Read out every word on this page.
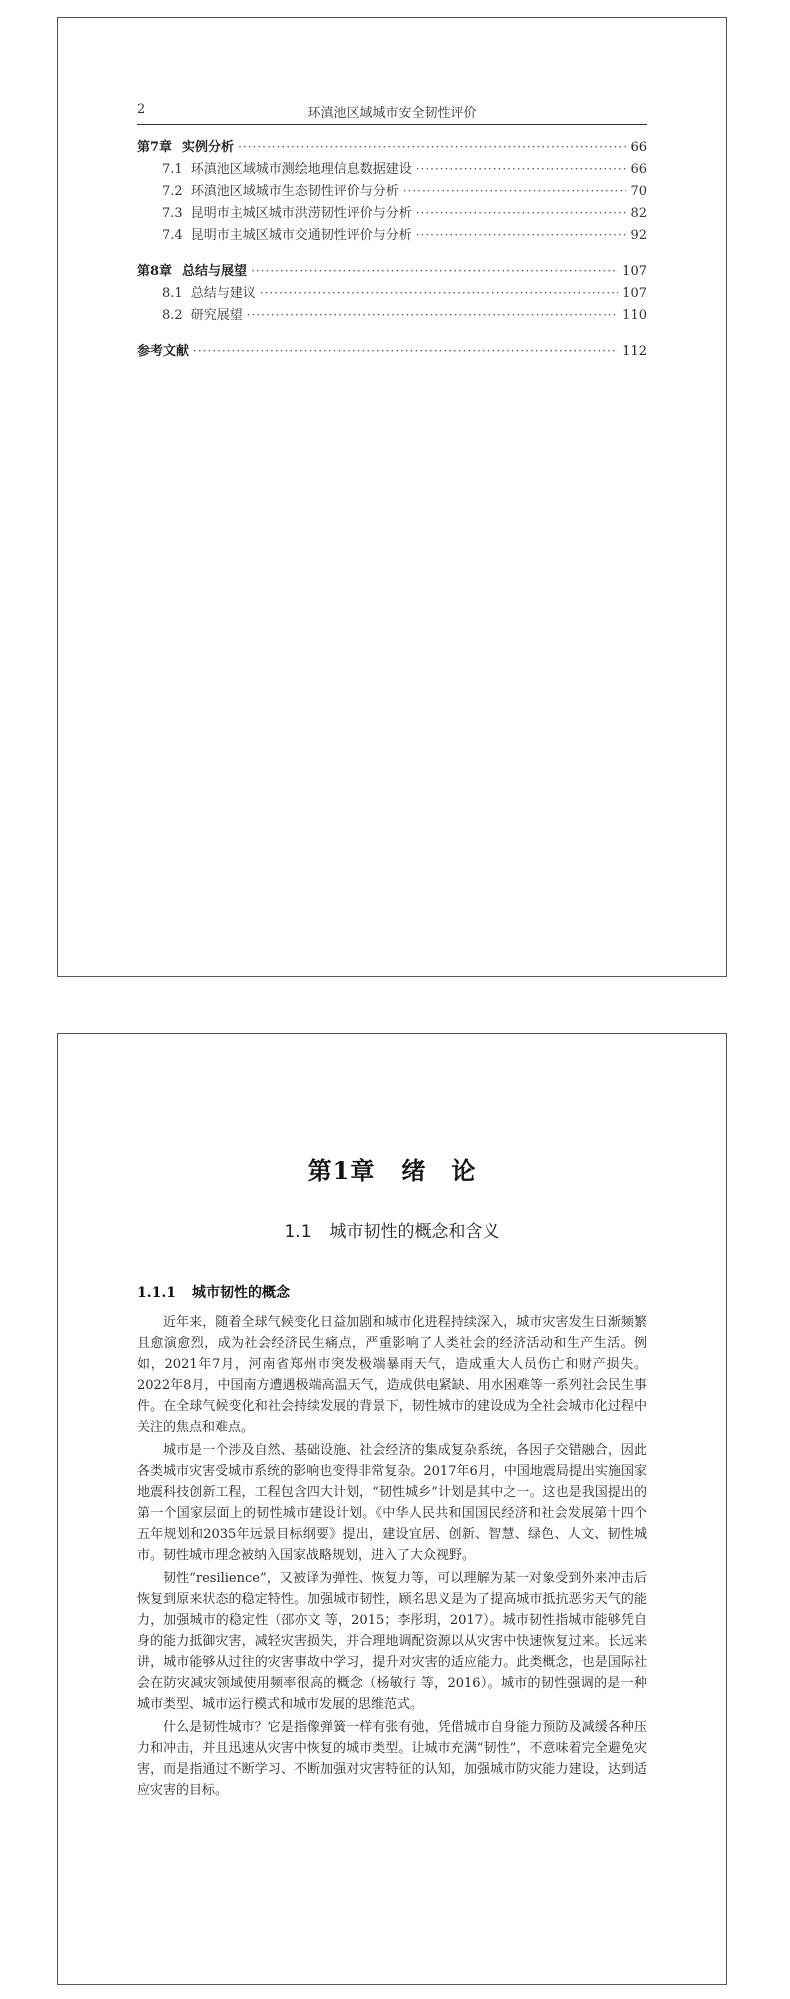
2	环滇池区域城市安全韧性评价
第7章 实例分析 ·····	66
7.1 环滇池区域城市测绘地理信息数据建设 ·····	66
7.2 环滇池区域城市生态韧性评价与分析 ·····	70
7.3 昆明市主城区城市洪涝韧性评价与分析 ·····	82
7.4 昆明市主城区城市交通韧性评价与分析 ·····	92
第8章 总结与展望 ·····	107
8.1 总结与建议 ·····	107
8.2 研究展望 ·····	110
参考文献 ·····	112
第1章 绪　论
1.1 城市韧性的概念和含义
1.1.1 城市韧性的概念

近年来，随着全球气候变化日益加剧和城市化进程持续深入，城市灾害发生日渐频繁且愈演愈烈，成为社会经济民生痛点，严重影响了人类社会的经济活动和生产生活。例如，2021年7月，河南省郑州市突发极端暴雨天气，造成重大人员伤亡和财产损失。2022年8月，中国南方遭遇极端高温天气，造成供电紧缺、用水困难等一系列社会民生事件。在全球气候变化和社会持续发展的背景下，韧性城市的建设成为全社会城市化过程中关注的焦点和难点。

城市是一个涉及自然、基础设施、社会经济的集成复杂系统，各因子交错融合，因此各类城市灾害受城市系统的影响也变得非常复杂。2017年6月，中国地震局提出实施国家地震科技创新工程，工程包含四大计划，“韧性城乡”计划是其中之一。这也是我国提出的第一个国家层面上的韧性城市建设计划。《中华人民共和国国民经济和社会发展第十四个五年规划和2035年远景目标纲要》提出，建设宜居、创新、智慧、绿色、人文、韧性城市。韧性城市理念被纳入国家战略规划，进入了大众视野。

韧性“resilience”，又被译为弹性、恢复力等，可以理解为某一对象受到外来冲击后恢复到原来状态的稳定特性。加强城市韧性，顾名思义是为了提高城市抵抗恶劣天气的能力，加强城市的稳定性（邵亦文 等，2015；李彤玥，2017）。城市韧性指城市能够凭自身的能力抵御灾害，减轻灾害损失，并合理地调配资源以从灾害中快速恢复过来。长远来讲，城市能够从过往的灾害事故中学习，提升对灾害的适应能力。此类概念，也是国际社会在防灾减灾领域使用频率很高的概念（杨敏行 等，2016）。城市的韧性强调的是一种城市类型、城市运行模式和城市发展的思维范式。

什么是韧性城市？它是指像弹簧一样有张有弛，凭借城市自身能力预防及减缓各种压力和冲击，并且迅速从灾害中恢复的城市类型。让城市充满“韧性”，不意味着完全避免灾害，而是指通过不断学习、不断加强对灾害特征的认知，加强城市防灾能力建设，达到适应灾害的目标。
